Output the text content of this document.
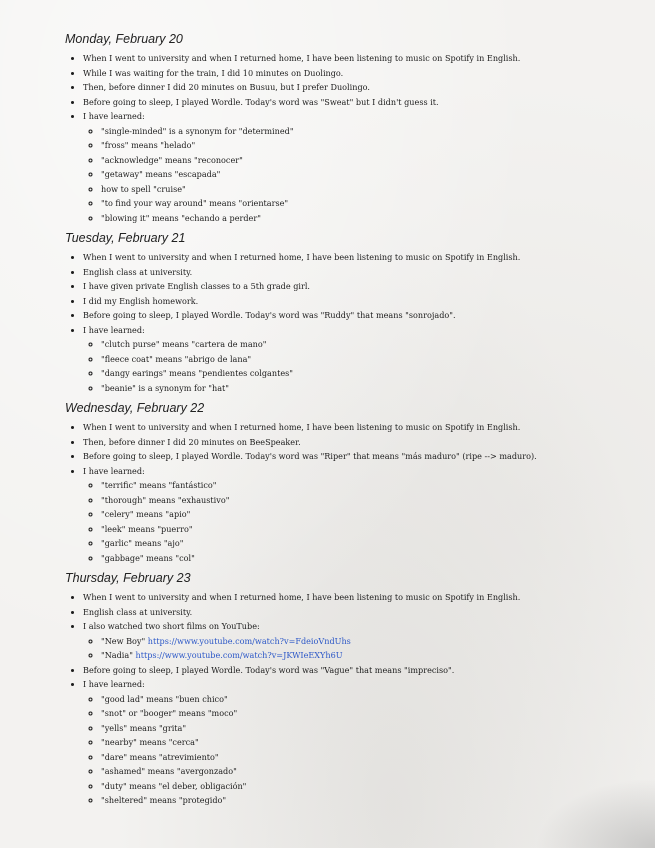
Monday, February 20
• When I went to university and when I returned home, I have been listening to music on Spotify in English.
• While I was waiting for the train, I did 10 minutes on Duolingo.
• Then, before dinner I did 20 minutes on Busuu, but I prefer Duolingo.
• Before going to sleep, I played Wordle. Today's word was "Sweat" but I didn't guess it.
• I have learned:
◦ "single-minded" is a synonym for "determined"
◦ "fross" means "helado"
◦ "acknowledge" means "reconocer"
◦ "getaway" means "escapada"
◦ how to spell "cruise"
◦ "to find your way around" means "orientarse"
◦ "blowing it" means "echando a perder"
Tuesday, February 21
• When I went to university and when I returned home, I have been listening to music on Spotify in English.
• English class at university.
• I have given private English classes to a 5th grade girl.
• I did my English homework.
• Before going to sleep, I played Wordle. Today's word was "Ruddy" that means "sonrojado".
• I have learned:
◦ "clutch purse" means "cartera de mano"
◦ "fleece coat" means "abrigo de lana"
◦ "dangy earings" means "pendientes colgantes"
◦ "beanie" is a synonym for "hat"
Wednesday, February 22
• When I went to university and when I returned home, I have been listening to music on Spotify in English.
• Then, before dinner I did 20 minutes on BeeSpeaker.
• Before going to sleep, I played Wordle. Today's word was "Riper" that means "más maduro" (ripe --> maduro).
• I have learned:
◦ "terrific" means "fantástico"
◦ "thorough" means "exhaustivo"
◦ "celery" means "apio"
◦ "leek" means "puerro"
◦ "garlic" means "ajo"
◦ "gabbage" means "col"
Thursday, February 23
• When I went to university and when I returned home, I have been listening to music on Spotify in English.
• English class at university.
• I also watched two short films on YouTube:
◦ "New Boy" https://www.youtube.com/watch?v=FdeioVndUhs
◦ "Nadia" https://www.youtube.com/watch?v=JKWIeEXYh6U
• Before going to sleep, I played Wordle. Today's word was "Vague" that means "impreciso".
• I have learned:
◦ "good lad" means "buen chico"
◦ "snot" or "booger" means "moco"
◦ "yells" means "grita"
◦ "nearby" means "cerca"
◦ "dare" means "atrevimiento"
◦ "ashamed" means "avergonzado"
◦ "duty" means "el deber, obligación"
◦ "sheltered" means "protegido"
